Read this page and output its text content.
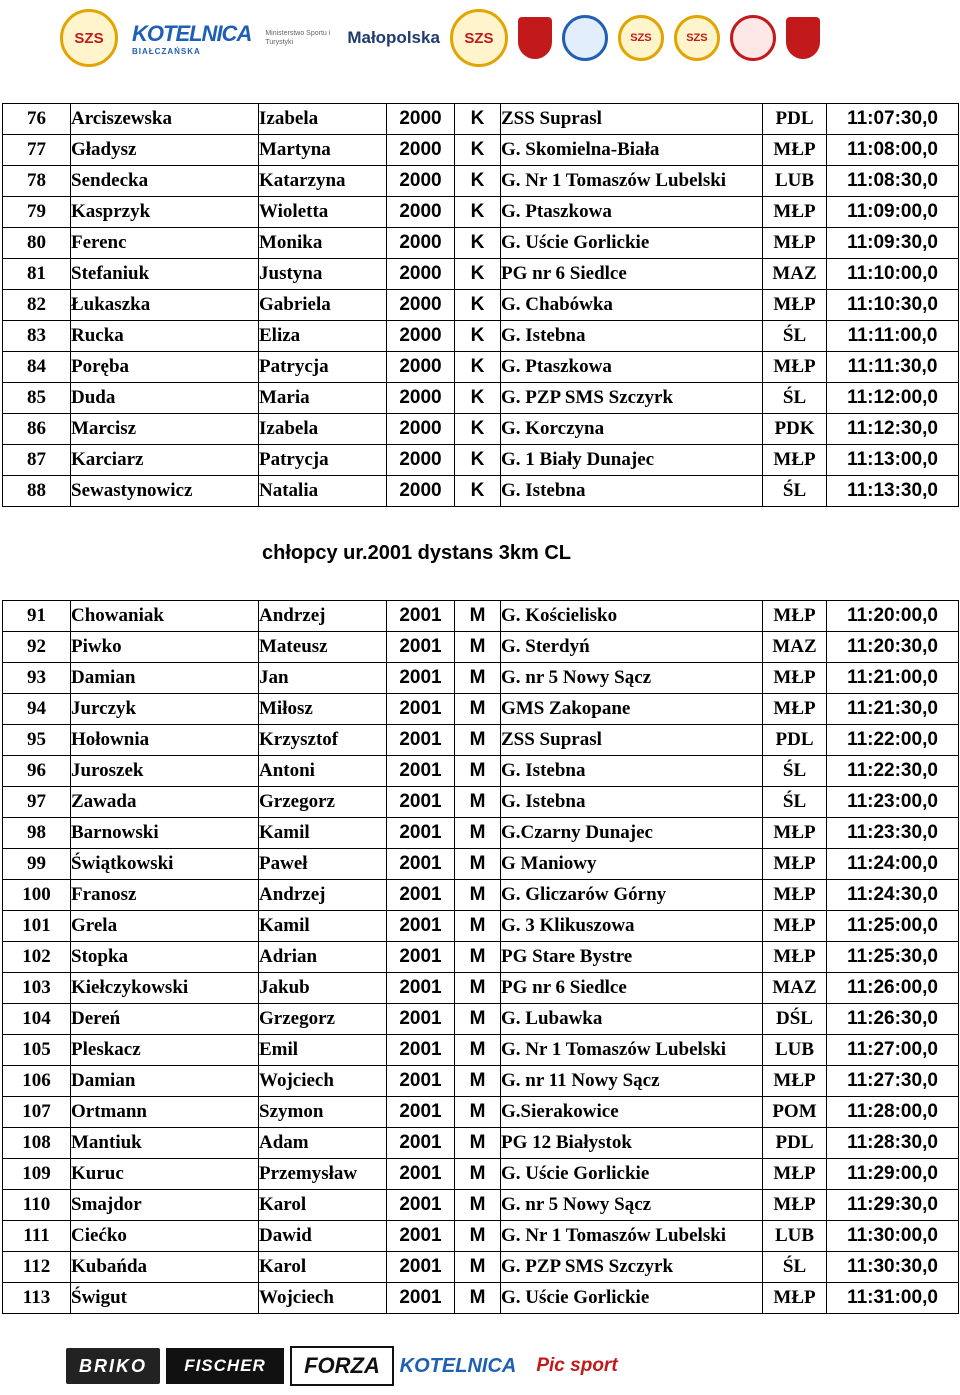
SZS KOTELNICA
BIAŁCZAŃSKA
Ministerstwo Sportu i Turystyki	Małopolska SZS	SZS	SZS
76	Arciszewska	Izabela	2000	K	ZSS Suprasl	PDL	11:07:30,0
77	Gładysz	Martyna	2000	K	G. Skomielna-Biała	MŁP	11:08:00,0
78	Sendecka	Katarzyna	2000	K	G. Nr 1 Tomaszów Lubelski	LUB	11:08:30,0
79	Kasprzyk	Wioletta	2000	K	G. Ptaszkowa	MŁP	11:09:00,0
80	Ferenc	Monika	2000	K	G. Uście Gorlickie	MŁP	11:09:30,0
81	Stefaniuk	Justyna	2000	K	PG nr 6 Siedlce	MAZ	11:10:00,0
82	Łukaszka	Gabriela	2000	K	G. Chabówka	MŁP	11:10:30,0
83	Rucka	Eliza	2000	K	G. Istebna	ŚL	11:11:00,0
84	Poręba	Patrycja	2000	K	G. Ptaszkowa	MŁP	11:11:30,0
85	Duda	Maria	2000	K	G. PZP SMS Szczyrk	ŚL	11:12:00,0
86	Marcisz	Izabela	2000	K	G. Korczyna	PDK	11:12:30,0
87	Karciarz	Patrycja	2000	K	G. 1 Biały Dunajec	MŁP	11:13:00,0
88	Sewastynowicz	Natalia	2000	K	G. Istebna	ŚL	11:13:30,0
chłopcy ur.2001 dystans 3km CL
91	Chowaniak	Andrzej	2001	M	G. Kościelisko	MŁP	11:20:00,0
92	Piwko	Mateusz	2001	M	G. Sterdyń	MAZ	11:20:30,0
93	Damian	Jan	2001	M	G. nr 5 Nowy Sącz	MŁP	11:21:00,0
94	Jurczyk	Miłosz	2001	M	GMS Zakopane	MŁP	11:21:30,0
95	Hołownia	Krzysztof	2001	M	ZSS Suprasl	PDL	11:22:00,0
96	Juroszek	Antoni	2001	M	G. Istebna	ŚL	11:22:30,0
97	Zawada	Grzegorz	2001	M	G. Istebna	ŚL	11:23:00,0
98	Barnowski	Kamil	2001	M	G.Czarny Dunajec	MŁP	11:23:30,0
99	Świątkowski	Paweł	2001	M	G Maniowy	MŁP	11:24:00,0
100	Franosz	Andrzej	2001	M	G. Gliczarów Górny	MŁP	11:24:30,0
101	Grela	Kamil	2001	M	G. 3 Klikuszowa	MŁP	11:25:00,0
102	Stopka	Adrian	2001	M	PG Stare Bystre	MŁP	11:25:30,0
103	Kiełczykowski	Jakub	2001	M	PG nr 6 Siedlce	MAZ	11:26:00,0
104	Dereń	Grzegorz	2001	M	G. Lubawka	DŚL	11:26:30,0
105	Pleskacz	Emil	2001	M	G. Nr 1 Tomaszów Lubelski	LUB	11:27:00,0
106	Damian	Wojciech	2001	M	G. nr 11 Nowy Sącz	MŁP	11:27:30,0
107	Ortmann	Szymon	2001	M	G.Sierakowice	POM	11:28:00,0
108	Mantiuk	Adam	2001	M	PG 12 Białystok	PDL	11:28:30,0
109	Kuruc	Przemysław	2001	M	G. Uście Gorlickie	MŁP	11:29:00,0
110	Smajdor	Karol	2001	M	G. nr 5 Nowy Sącz	MŁP	11:29:30,0
111	Ciećko	Dawid	2001	M	G. Nr 1 Tomaszów Lubelski	LUB	11:30:00,0
112	Kubańda	Karol	2001	M	G. PZP SMS Szczyrk	ŚL	11:30:30,0
113	Świgut	Wojciech	2001	M	G. Uście Gorlickie	MŁP	11:31:00,0
BRIKO FISCHER FORZA KOTELNICA Pic sport
